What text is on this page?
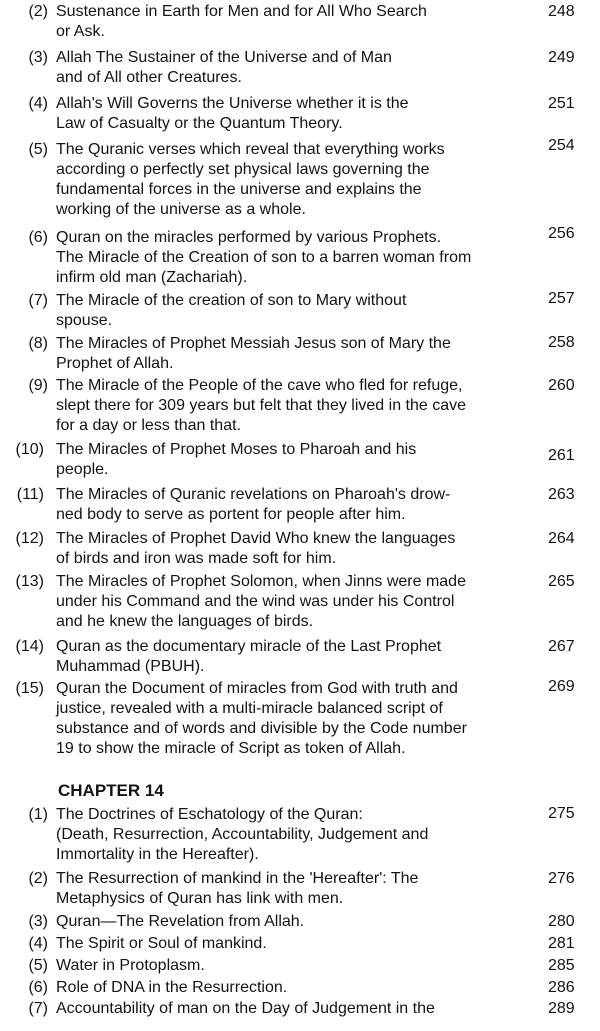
(2) Sustenance in Earth for Men and for All Who Search
or Ask.
248
(3) Allah The Sustainer of the Universe and of Man
and of All other Creatures.
249
(4) Allah's Will Governs the Universe whether it is the
Law of Casualty or the Quantum Theory.
251
(5) The Quranic verses which reveal that everything works
according o perfectly set physical laws governing the
fundamental forces in the universe and explains the
working of the universe as a whole.
254
(6) Quran on the miracles performed by various Prophets.
The Miracle of the Creation of son to a barren woman from
infirm old man (Zachariah).
256
(7) The Miracle of the creation of son to Mary without
spouse.
257
(8) The Miracles of Prophet Messiah Jesus son of Mary the
Prophet of Allah.
258
(9) The Miracle of the People of the cave who fled for refuge,
slept there for 309 years but felt that they lived in the cave
for a day or less than that.
260
(10) The Miracles of Prophet Moses to Pharoah and his
people.
261
(11) The Miracles of Quranic revelations on Pharoah's drow-
ned body to serve as portent for people after him.
263
(12) The Miracles of Prophet David Who knew the languages
of birds and iron was made soft for him.
264
(13) The Miracles of Prophet Solomon, when Jinns were made
under his Command and the wind was under his Control
and he knew the languages of birds.
265
(14) Quran as the documentary miracle of the Last Prophet
Muhammad (PBUH).
267
(15) Quran the Document of miracles from God with truth and
justice, revealed with a multi-miracle balanced script of
substance and of words and divisible by the Code number
19 to show the miracle of Script as token of Allah.
269
CHAPTER 14
(1) The Doctrines of Eschatology of the Quran:
(Death, Resurrection, Accountability, Judgement and
Immortality in the Hereafter).
275
(2) The Resurrection of mankind in the 'Hereafter': The
Metaphysics of Quran has link with men.
276
(3) Quran—The Revelation from Allah.	280
(4) The Spirit or Soul of mankind.	281
(5) Water in Protoplasm.	285
(6) Role of DNA in the Resurrection.	286
(7) Accountability of man on the Day of Judgement in the	289
